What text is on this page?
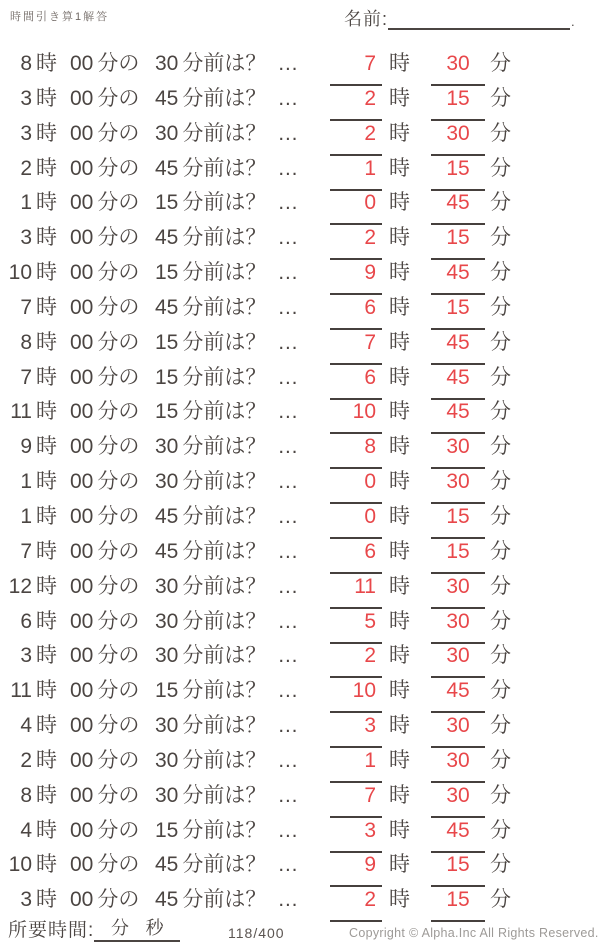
時間引き算1解答	名前:	.
8 時 00 分の 30 分前は？ …	7 時	30 分
3 時 00 分の 45 分前は？ …	2 時	15 分
3 時 00 分の 30 分前は？ …	2 時	30 分
2 時 00 分の 45 分前は？ …	1 時	15 分
1 時 00 分の 15 分前は？ …	0 時	45 分
3 時 00 分の 45 分前は？ …	2 時	15 分
10 時 00 分の 15 分前は？ …	9 時	45 分
7 時 00 分の 45 分前は？ …	6 時	15 分
8 時 00 分の 15 分前は？ …	7 時	45 分
7 時 00 分の 15 分前は？ …	6 時	45 分
11 時 00 分の 15 分前は？ …	10 時	45 分
9 時 00 分の 30 分前は？ …	8 時	30 分
1 時 00 分の 30 分前は？ …	0 時	30 分
1 時 00 分の 45 分前は？ …	0 時	15 分
7 時 00 分の 45 分前は？ …	6 時	15 分
12 時 00 分の 30 分前は？ …	11 時	30 分
6 時 00 分の 30 分前は？ …	5 時	30 分
3 時 00 分の 30 分前は？ …	2 時	30 分
11 時 00 分の 15 分前は？ …	10 時	45 分
4 時 00 分の 30 分前は？ …	3 時	30 分
2 時 00 分の 30 分前は？ …	1 時	30 分
8 時 00 分の 30 分前は？ …	7 時	30 分
4 時 00 分の 15 分前は？ …	3 時	45 分
10 時 00 分の 45 分前は？ …	9 時	15 分
3 時 00 分の 45 分前は？ …	2 時	15 分
所要時間: 分 秒	118/400	Copyright © Alpha.Inc All Rights Reserved.
